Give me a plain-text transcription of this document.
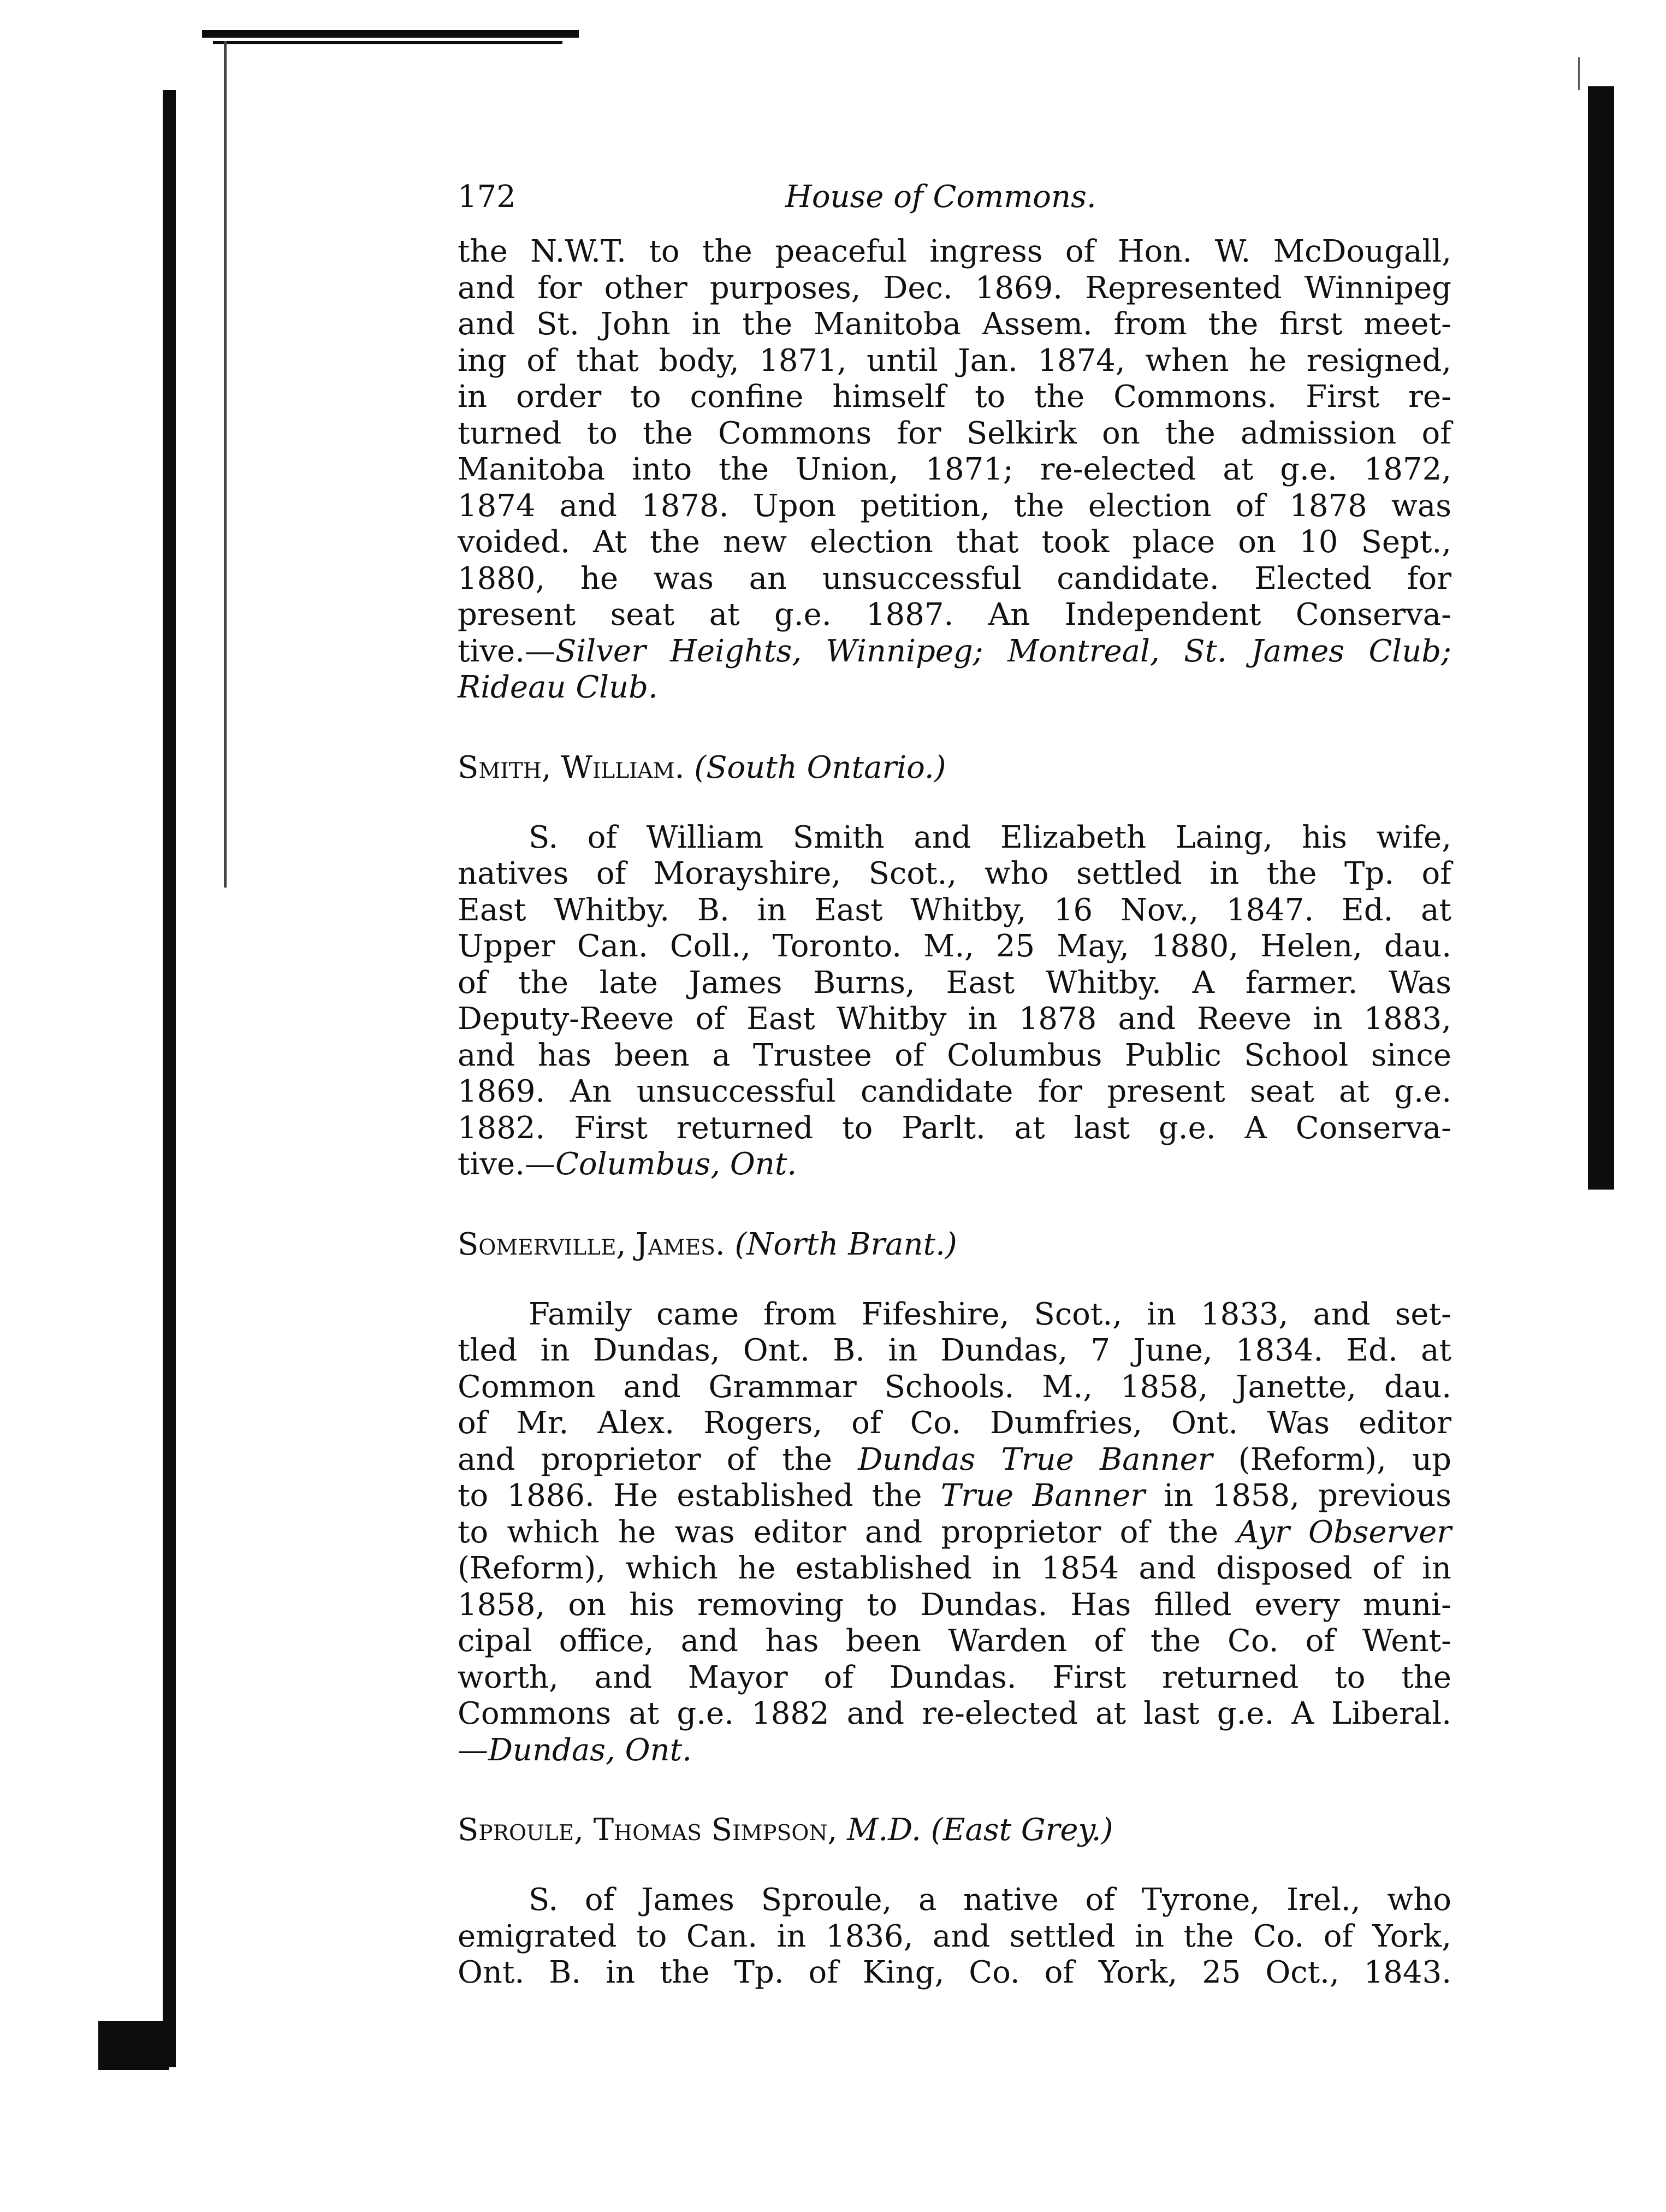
172	House of Commons.
the N.W.T. to the peaceful ingress of Hon. W. McDougall,
and for other purposes, Dec. 1869. Represented Winnipeg
and St. John in the Manitoba Assem. from the first meet-
ing of that body, 1871, until Jan. 1874, when he resigned,
in order to confine himself to the Commons. First re-
turned to the Commons for Selkirk on the admission of
Manitoba into the Union, 1871; re-elected at g.e. 1872,
1874 and 1878. Upon petition, the election of 1878 was
voided. At the new election that took place on 10 Sept.,
1880, he was an unsuccessful candidate. Elected for
present seat at g.e. 1887. An Independent Conserva-
tive.—Silver Heights, Winnipeg; Montreal, St. James Club;
Rideau Club.

Smith, William. (South Ontario.)

S. of William Smith and Elizabeth Laing, his wife,
natives of Morayshire, Scot., who settled in the Tp. of
East Whitby. B. in East Whitby, 16 Nov., 1847. Ed. at
Upper Can. Coll., Toronto. M., 25 May, 1880, Helen, dau.
of the late James Burns, East Whitby. A farmer. Was
Deputy-Reeve of East Whitby in 1878 and Reeve in 1883,
and has been a Trustee of Columbus Public School since
1869. An unsuccessful candidate for present seat at g.e.
1882. First returned to Parlt. at last g.e. A Conserva-
tive.—Columbus, Ont.

Somerville, James. (North Brant.)

Family came from Fifeshire, Scot., in 1833, and set-
tled in Dundas, Ont. B. in Dundas, 7 June, 1834. Ed. at
Common and Grammar Schools. M., 1858, Janette, dau.
of Mr. Alex. Rogers, of Co. Dumfries, Ont. Was editor
and proprietor of the Dundas True Banner (Reform), up
to 1886. He established the True Banner in 1858, previous
to which he was editor and proprietor of the Ayr Observer
(Reform), which he established in 1854 and disposed of in
1858, on his removing to Dundas. Has filled every muni-
cipal office, and has been Warden of the Co. of Went-
worth, and Mayor of Dundas. First returned to the
Commons at g.e. 1882 and re-elected at last g.e. A Liberal.
—Dundas, Ont.

Sproule, Thomas Simpson, M.D. (East Grey.)

S. of James Sproule, a native of Tyrone, Irel., who
emigrated to Can. in 1836, and settled in the Co. of York,
Ont. B. in the Tp. of King, Co. of York, 25 Oct., 1843.
